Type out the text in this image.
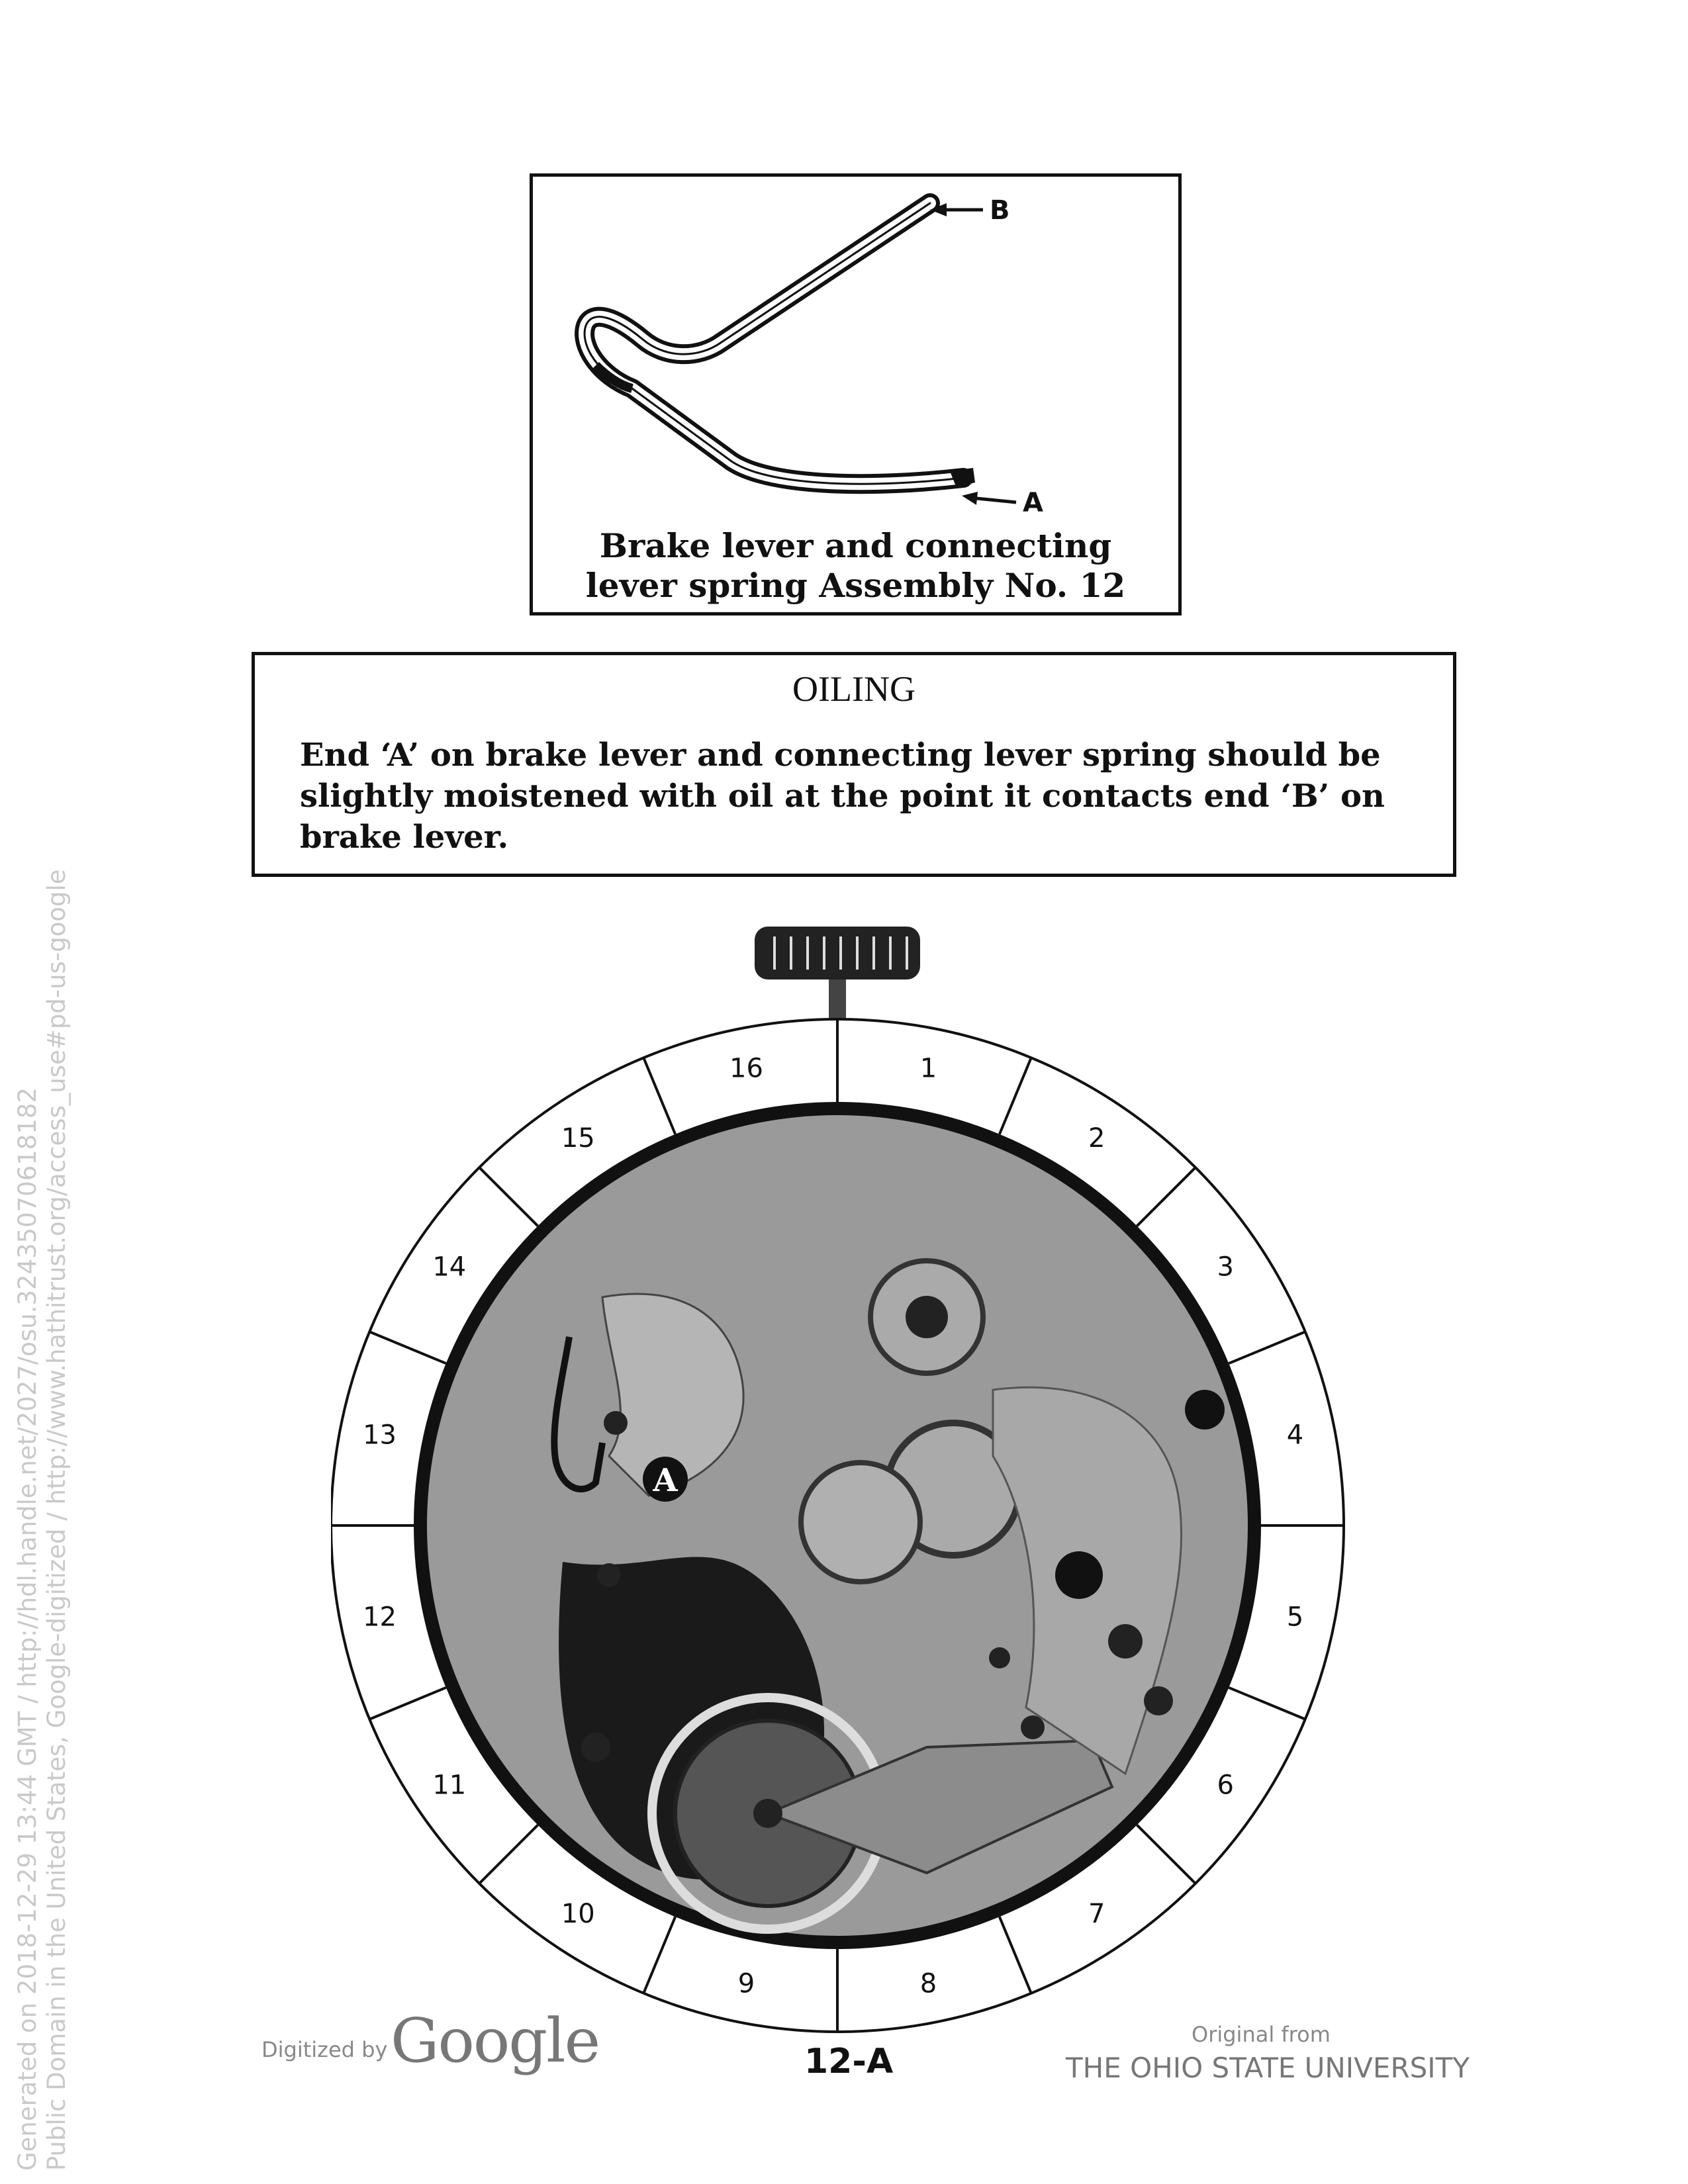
B
A
Brake lever and connecting
lever spring Assembly No. 12
OILING
End ‘A’ on brake lever and connecting lever spring should be slightly moistened with oil at the point it contacts end ‘B’ on brake lever.
1
2
3
4
5
6
7
8
9
10
11
12
13
14
15
16
A
Digitized by Google	12-A
Original from
THE OHIO STATE UNIVERSITY
Generated on 2018-12-29 13:44 GMT / http://hdl.handle.net/2027/osu.32435070618182 Public Domain in the United States, Google-digitized / http://www.hathitrust.org/access_use#pd-us-google
